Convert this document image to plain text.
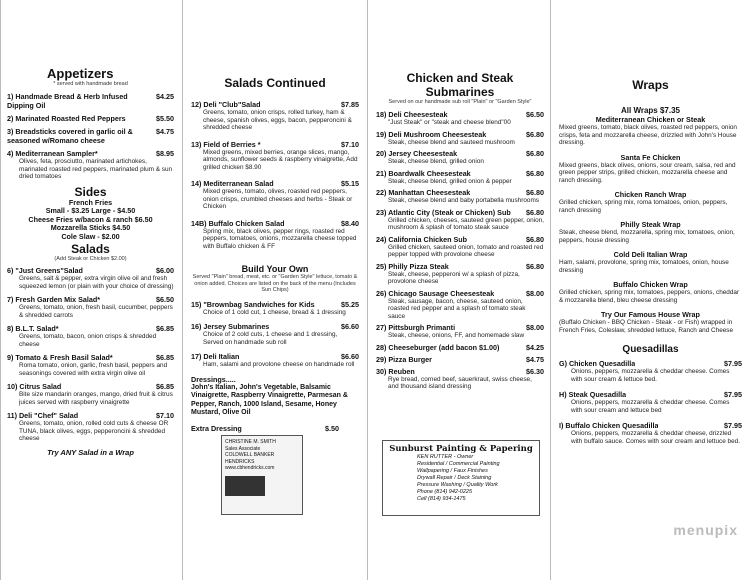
Appetizers
* served with handmade bread
1) Handmade Bread & Herb Infused Dipping Oil
$4.25
2) Marinated Roasted Red Peppers	$5.50
3) Breadsticks covered in garlic oil & seasoned w/Romano cheese
$4.75
4) Mediterranean Sampler*	$8.95
Olives, feta, prosciutto, marinated artichokes, marinated roasted red peppers, marinated plum & sun dried tomatoes
Sides
French Fries
Small - $3.25 Large - $4.50
Cheese Fries w/bacon & ranch $6.50
Mozzarella Sticks $4.50
Cole Slaw - $2.00
Salads
(Add Steak or Chicken $2.00)
6) "Just Greens"Salad	$6.00
Greens, salt & pepper, extra virgin olive oil and fresh squeezed lemon (or plain with your choice of dressing)
7) Fresh Garden Mix Salad*	$6.50
Greens, tomato, onion, fresh basil, cucumber, peppers & shredded carrots
8) B.L.T. Salad*	$6.85
Greens, tomato, bacon, onion crisps & shredded cheese
9) Tomato & Fresh Basil Salad*	$6.85
Roma tomato, onion, garlic, fresh basil, peppers and seasonings covered with extra virgin olive oil
10) Citrus Salad	$6.85
Bite size mandarin oranges, mango, dried fruit & citrus juices served with raspberry vinaigrette
11) Deli "Chef" Salad	$7.10
Greens, tomato, onion, rolled cold cuts & cheese OR TUNA, black olives, eggs, pepperoncini & shredded cheese
Try ANY Salad in a Wrap
Salads Continued
12) Deli "Club"Salad	$7.85
Greens, tomato, onion crisps, rolled turkey, ham & cheese, spanish olives, eggs, bacon, pepperoncini & shredded cheese
13) Field of Berries *	$7.10
Mixed greens, mixed berries, orange slices, mango, almonds, sunflower seeds & raspberry vinaigrette, Add grilled chicken $8.90
14) Mediterranean Salad	$5.15
Mixed greens, tomato, olives, roasted red peppers, onion crisps, crumbled cheeses and herbs - Steak or Chicken
14B) Buffalo Chicken Salad	$8.40
Spring mix, black olives, pepper rings, roasted red peppers, tomatoes, onions, mozzarella cheese topped with Buffalo chicken & FF
Build Your Own
Served "Plain" bread, meat, etc. or "Garden Style" lettuce, tomato & onion added. Choices are listed on the back of the menu (Includes Sun Chips)
15) "Brownbag Sandwiches for Kids	$5.25
Choice of 1 cold cut, 1 cheese, bread & 1 dressing
16) Jersey Submarines	$6.60
Choice of 2 cold cuts, 1 cheese and 1 dressing, Served on handmade sub roll
17) Deli Italian	$6.60
Ham, salami and provolone cheese on handmade roll
Dressings.....
John's Italian, John's Vegetable, Balsamic Vinaigrette, Raspberry Vinaigrette, Parmesan & Pepper, Ranch, 1000 Island, Sesame, Honey Mustard, Olive Oil
Extra Dressing	$.50
CHRISTINE M. SMITH
Sales Associate
COLDWELL BANKER
HENDRICKS
www.cbhendricks.com
Chicken and Steak Submarines
Served on our handmade sub roll "Plain" or "Garden Style"
18) Deli Cheesesteak	$6.50
"Just Steak" or "steak and cheese blend"00
19) Deli Mushroom Cheesesteak	$6.80
Steak, cheese blend and sauteed mushroom
20) Jersey Cheesesteak	$6.80
Steak, cheese blend, grilled onion
21) Boardwalk Cheesesteak	$6.80
Steak, cheese blend, grilled onion & pepper
22) Manhattan Cheesesteak	$6.80
Steak, cheese blend and baby portabella mushrooms
23) Atlantic City (Steak or Chicken) Sub $6.80
Grilled chicken, cheeses, sauteed green pepper, onion, mushroom & splash of tomato steak sauce
24) California Chicken Sub	$6.80
Grilled chicken, sauteed onion, tomato and roasted red pepper topped with provolone cheese
25) Philly Pizza Steak	$6.80
Steak, cheese, pepperoni w/ a splash of pizza, provolone cheese
26) Chicago Sausage Cheesesteak	$8.00
Steak, sausage, bacon, cheese, sauteed onion, roasted red pepper and a splash of tomato steak sauce
27) Pittsburgh Primanti	$8.00
Steak, cheese, onions, FF, and homemade slaw
28) Cheeseburger (add bacon $1.00)	$4.25
29) Pizza Burger	$4.75
30) Reuben	$6.30
Rye bread, corned beef, sauerkraut, swiss cheese, and thousand island dressing
Sunburst Painting & Papering
KEN RUTTER - Owner
Residential / Commercial Painting
Wallpapering / Faux Finishes
Drywall Repair / Deck Staining
Pressure Washing / Quality Work
Phone (814) 942-0225
Cell (814) 934-1475
Wraps
All Wraps $7.35
Mediterranean Chicken or Steak
Mixed greens, tomato, black olives, roasted red peppers, onion crisps, feta and mozzarella cheese, drizzled with John's House dressing.
Santa Fe Chicken
Mixed greens, black olives, onions, sour cream, salsa, red and green pepper strips, grilled chicken, mozzarella cheese and ranch dressing.
Chicken Ranch Wrap
Grilled chicken, spring mix, roma tomatoes, onion, peppers, ranch dressing
Philly Steak Wrap
Steak, cheese blend, mozzarella, spring mix, tomatoes, onion, peppers, house dressing
Cold Deli Italian Wrap
Ham, salami, provolone, spring mix, tomatoes, onion, house dressing
Buffalo Chicken Wrap
Grilled chicken, spring mix, tomatoes, peppers, onions, cheddar & mozzarella blend, bleu cheese dressing
Try Our Famous House Wrap
(Buffalo Chicken - BBQ Chicken - Steak - or Fish) wrapped in French Fries, Coleslaw, shredded lettuce, Ranch and Cheese
Quesadillas
G) Chicken Quesadilla	$7.95
Onions, peppers, mozzarella & cheddar cheese. Comes with sour cream & lettuce bed.
H) Steak Quesadilla	$7.95
Onions, peppers, mozzarella & cheddar cheese. Comes with sour cream and lettuce bed
I) Buffalo Chicken Quesadilla	$7.95
Onions, peppers, mozzarella & cheddar cheese, drizzled with buffalo sauce. Comes with sour cream and lettuce bed.
menupix
